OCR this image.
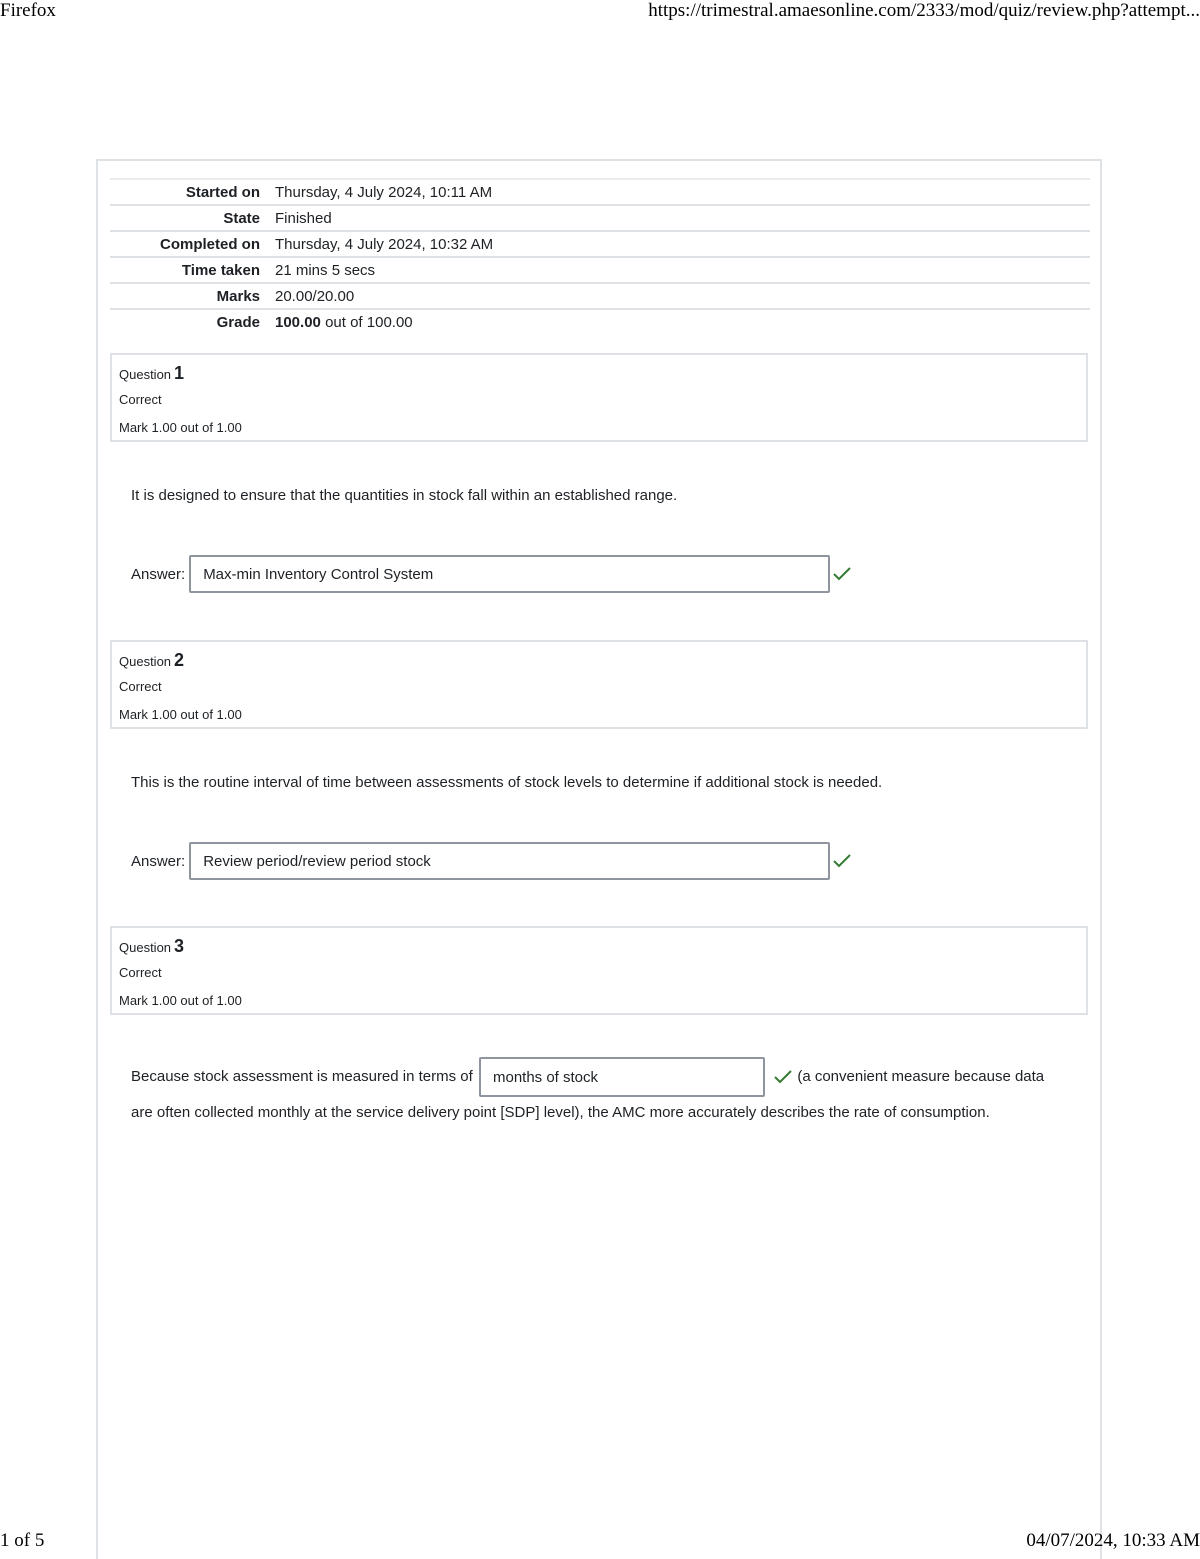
Firefox	https://trimestral.amaesonline.com/2333/mod/quiz/review.php?attempt...
Started on	Thursday, 4 July 2024, 10:11 AM
State	Finished
Completed on	Thursday, 4 July 2024, 10:32 AM
Time taken	21 mins 5 secs
Marks	20.00/20.00
Grade	100.00 out of 100.00
Question 1
Correct
Mark 1.00 out of 1.00
It is designed to ensure that the quantities in stock fall within an established range.
Answer:	Max-min Inventory Control System
Question 2
Correct
Mark 1.00 out of 1.00
This is the routine interval of time between assessments of stock levels to determine if additional stock is needed.
Answer:	Review period/review period stock
Question 3
Correct
Mark 1.00 out of 1.00
Because stock assessment is measured in terms of months of stock	(a convenient measure because data are often collected monthly at the service delivery point [SDP] level), the AMC more accurately describes the rate of consumption.
1 of 5	04/07/2024, 10:33 AM
